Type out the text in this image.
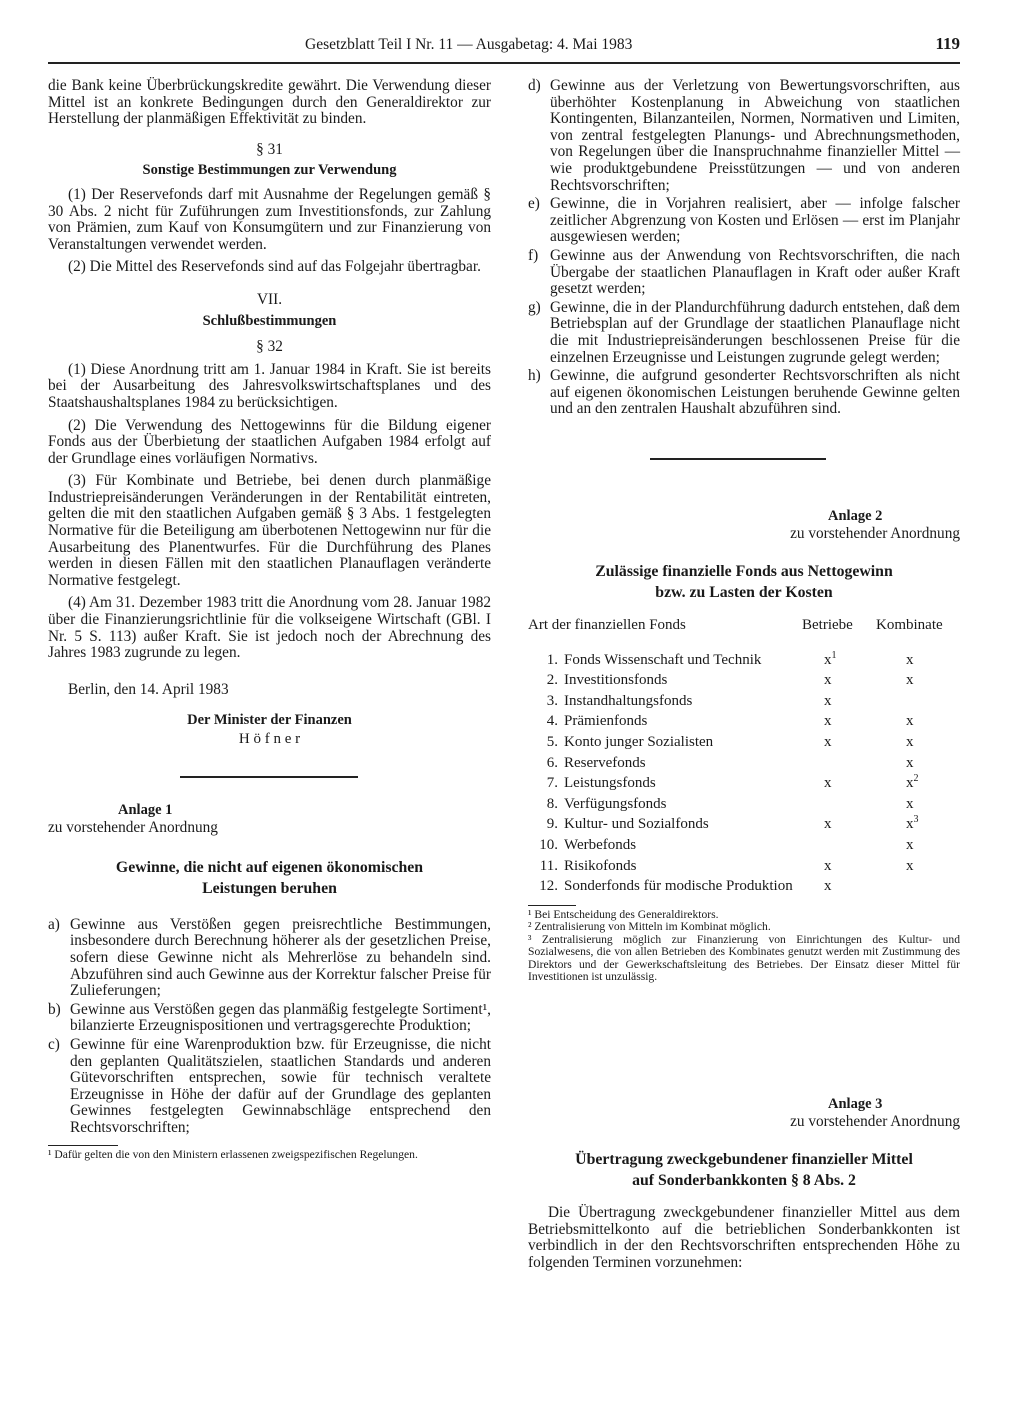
Gesetzblatt Teil I Nr. 11 — Ausgabetag: 4. Mai 1983	119

die Bank keine Überbrückungskredite gewährt. Die Verwendung dieser Mittel ist an konkrete Bedingungen durch den Generaldirektor zur Herstellung der planmäßigen Effektivität zu binden.

§ 31
Sonstige Bestimmungen zur Verwendung

(1) Der Reservefonds darf mit Ausnahme der Regelungen gemäß § 30 Abs. 2 nicht für Zuführungen zum Investitionsfonds, zur Zahlung von Prämien, zum Kauf von Konsumgütern und zur Finanzierung von Veranstaltungen verwendet werden.

(2) Die Mittel des Reservefonds sind auf das Folgejahr übertragbar.

VII.
Schlußbestimmungen
§ 32

(1) Diese Anordnung tritt am 1. Januar 1984 in Kraft. Sie ist bereits bei der Ausarbeitung des Jahresvolkswirtschaftsplanes und des Staatshaushaltsplanes 1984 zu berücksichtigen.

(2) Die Verwendung des Nettogewinns für die Bildung eigener Fonds aus der Überbietung der staatlichen Aufgaben 1984 erfolgt auf der Grundlage eines vorläufigen Normativs.

(3) Für Kombinate und Betriebe, bei denen durch planmäßige Industriepreisänderungen Veränderungen in der Rentabilität eintreten, gelten die mit den staatlichen Aufgaben gemäß § 3 Abs. 1 festgelegten Normative für die Beteiligung am überbotenen Nettogewinn nur für die Ausarbeitung des Planentwurfes. Für die Durchführung des Planes werden in diesen Fällen mit den staatlichen Planauflagen veränderte Normative festgelegt.

(4) Am 31. Dezember 1983 tritt die Anordnung vom 28. Januar 1982 über die Finanzierungsrichtlinie für die volkseigene Wirtschaft (GBl. I Nr. 5 S. 113) außer Kraft. Sie ist jedoch noch der Abrechnung des Jahres 1983 zugrunde zu legen.

Berlin, den 14. April 1983

Der Minister der Finanzen
H ö f n e r
Anlage 1
zu vorstehender Anordnung
Gewinne, die nicht auf eigenen ökonomischen
Leistungen beruhen
a) Gewinne aus Verstößen gegen preisrechtliche Bestimmungen, insbesondere durch Berechnung höherer als der gesetzlichen Preise, sofern diese Gewinne nicht als Mehrerlöse zu behandeln sind. Abzuführen sind auch Gewinne aus der Korrektur falscher Preise für Zulieferungen;
b) Gewinne aus Verstößen gegen das planmäßig festgelegte Sortiment¹, bilanzierte Erzeugnispositionen und vertragsgerechte Produktion;
c) Gewinne für eine Warenproduktion bzw. für Erzeugnisse, die nicht den geplanten Qualitätszielen, staatlichen Standards und anderen Gütevorschriften entsprechen, sowie für technisch veraltete Erzeugnisse in Höhe der dafür auf der Grundlage des geplanten Gewinnes festgelegten Gewinnabschläge entsprechend den Rechtsvorschriften;
¹ Dafür gelten die von den Ministern erlassenen zweigspezifischen Regelungen.
d) Gewinne aus der Verletzung von Bewertungsvorschriften, aus überhöhter Kostenplanung in Abweichung von staatlichen Kontingenten, Bilanzanteilen, Normen, Normativen und Limiten, von zentral festgelegten Planungs- und Abrechnungsmethoden, von Regelungen über die Inanspruchnahme finanzieller Mittel — wie produktgebundene Preisstützungen — und von anderen Rechtsvorschriften;
e) Gewinne, die in Vorjahren realisiert, aber — infolge falscher zeitlicher Abgrenzung von Kosten und Erlösen — erst im Planjahr ausgewiesen werden;
f) Gewinne aus der Anwendung von Rechtsvorschriften, die nach Übergabe der staatlichen Planauflagen in Kraft oder außer Kraft gesetzt werden;
g) Gewinne, die in der Plandurchführung dadurch entstehen, daß dem Betriebsplan auf der Grundlage der staatlichen Planauflage nicht die mit Industriepreisänderungen beschlossenen Preise für die einzelnen Erzeugnisse und Leistungen zugrunde gelegt werden;
h) Gewinne, die aufgrund gesonderter Rechtsvorschriften als nicht auf eigenen ökonomischen Leistungen beruhende Gewinne gelten und an den zentralen Haushalt abzuführen sind.
Anlage 2
zu vorstehender Anordnung
Zulässige finanzielle Fonds aus Nettogewinn
bzw. zu Lasten der Kosten
Art der finanziellen Fonds		Betriebe	Kombinate
1.	Fonds Wissenschaft und Technik	$x^1$	x
2.	Investitionsfonds	x	x
3.	Instandhaltungsfonds	x	
4.	Prämienfonds	x	x
5.	Konto junger Sozialisten	x	x
6.	Reservefonds		x
7.	Leistungsfonds	x	$x^2$
8.	Verfügungsfonds		x
9.	Kultur- und Sozialfonds	x	$x^3$
10.	Werbefonds		x
11.	Risikofonds	x	x
12.	Sonderfonds für modische Produktion	x	
¹ Bei Entscheidung des Generaldirektors.
² Zentralisierung von Mitteln im Kombinat möglich.
³ Zentralisierung möglich zur Finanzierung von Einrichtungen des Kultur- und Sozialwesens, die von allen Betrieben des Kombinates genutzt werden mit Zustimmung des Direktors und der Gewerkschaftsleitung des Betriebes. Der Einsatz dieser Mittel für Investitionen ist unzulässig.
Anlage 3
zu vorstehender Anordnung
Übertragung zweckgebundener finanzieller Mittel
auf Sonderbankkonten § 8 Abs. 2

Die Übertragung zweckgebundener finanzieller Mittel aus dem Betriebsmittelkonto auf die betrieblichen Sonderbankkonten ist verbindlich in der den Rechtsvorschriften entsprechenden Höhe zu folgenden Terminen vorzunehmen:
